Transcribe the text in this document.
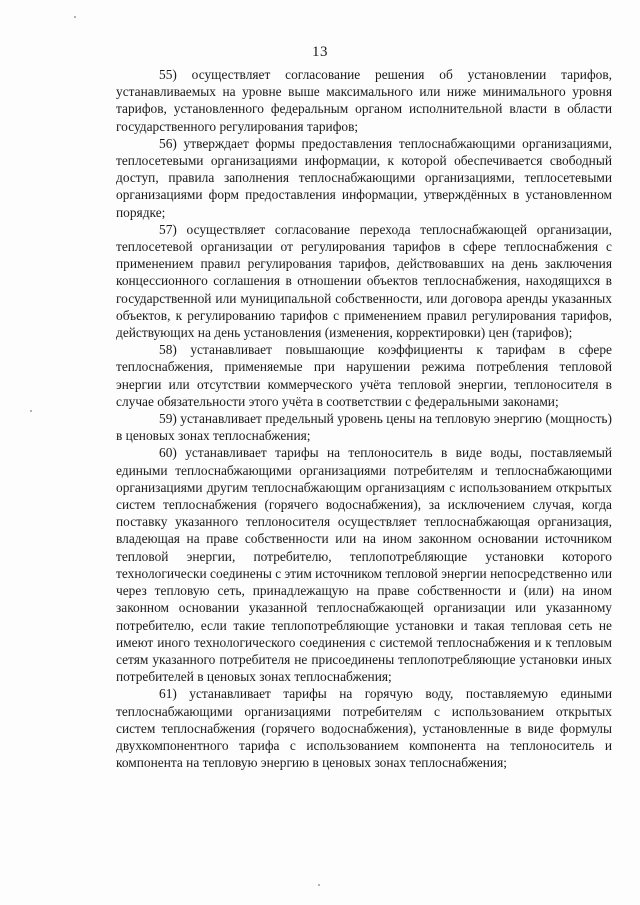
13

55) осуществляет согласование решения об установлении тарифов, устанавливаемых на уровне выше максимального или ниже минимального уровня тарифов, установленного федеральным органом исполнительной власти в области государственного регулирования тарифов;

56) утверждает формы предоставления теплоснабжающими организациями, теплосетевыми организациями информации, к которой обеспечивается свободный доступ, правила заполнения теплоснабжающими организациями, теплосетевыми организациями форм предоставления информации, утверждённых в установленном порядке;

57) осуществляет согласование перехода теплоснабжающей организации, теплосетевой организации от регулирования тарифов в сфере теплоснабжения с применением правил регулирования тарифов, действовавших на день заключения концессионного соглашения в отношении объектов теплоснабжения, находящихся в государственной или муниципальной собственности, или договора аренды указанных объектов, к регулированию тарифов с применением правил регулирования тарифов, действующих на день установления (изменения, корректировки) цен (тарифов);

58) устанавливает повышающие коэффициенты к тарифам в сфере теплоснабжения, применяемые при нарушении режима потребления тепловой энергии или отсутствии коммерческого учёта тепловой энергии, теплоносителя в случае обязательности этого учёта в соответствии с федеральными законами;

59) устанавливает предельный уровень цены на тепловую энергию (мощность) в ценовых зонах теплоснабжения;

60) устанавливает тарифы на теплоноситель в виде воды, поставляемый едиными теплоснабжающими организациями потребителям и теплоснабжающими организациями другим теплоснабжающим организациям с использованием открытых систем теплоснабжения (горячего водоснабжения), за исключением случая, когда поставку указанного теплоносителя осуществляет теплоснабжающая организация, владеющая на праве собственности или на ином законном основании источником тепловой энергии, потребителю, теплопотребляющие установки которого технологически соединены с этим источником тепловой энергии непосредственно или через тепловую сеть, принадлежащую на праве собственности и (или) на ином законном основании указанной теплоснабжающей организации или указанному потребителю, если такие теплопотребляющие установки и такая тепловая сеть не имеют иного технологического соединения с системой теплоснабжения и к тепловым сетям указанного потребителя не присоединены теплопотребляющие установки иных потребителей в ценовых зонах теплоснабжения;

61) устанавливает тарифы на горячую воду, поставляемую едиными теплоснабжающими организациями потребителям с использованием открытых систем теплоснабжения (горячего водоснабжения), установленные в виде формулы двухкомпонентного тарифа с использованием компонента на теплоноситель и компонента на тепловую энергию в ценовых зонах теплоснабжения;
